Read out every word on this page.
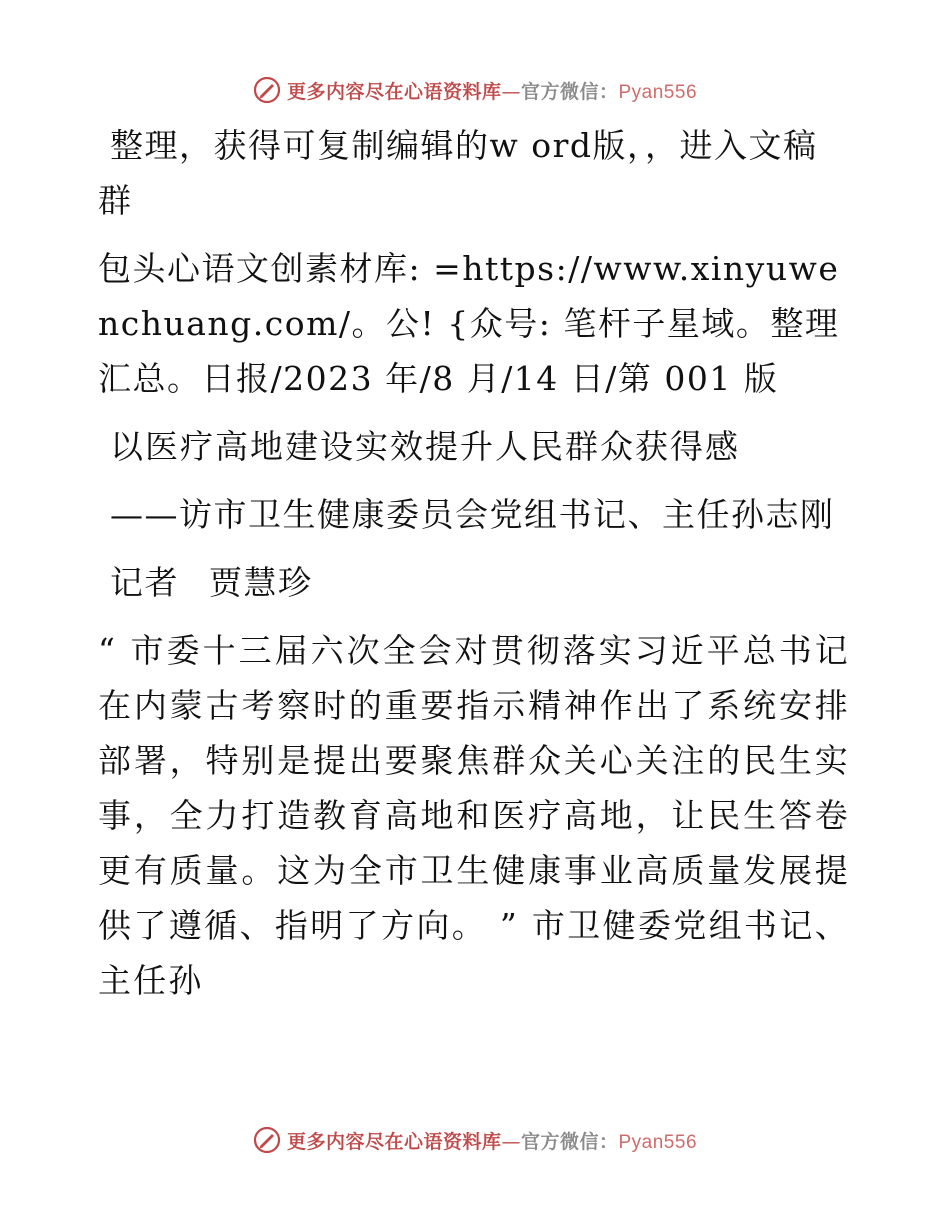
更多内容尽在心语资料库—官方微信：Pyan556

整理，获得可复制编辑的w ord版，，进入文稿群

包头心语文创素材库: =https://www.xinyuwenchuang.com/。公! {众号: 笔杆子星域。整理汇总。日报/2023 年/8 月/14 日/第 001 版

以医疗高地建设实效提升人民群众获得感

——访市卫生健康委员会党组书记、主任孙志刚

记者 贾慧珍

“ 市委十三届六次全会对贯彻落实习近平总书记在内蒙古考察时的重要指示精神作出了系统安排部署，特别是提出要聚焦群众关心关注的民生实事，全力打造教育高地和医疗高地，让民生答卷更有质量。这为全市卫生健康事业高质量发展提供了遵循、指明了方向。 ” 市卫健委党组书记、主任孙

更多内容尽在心语资料库—官方微信：Pyan556
